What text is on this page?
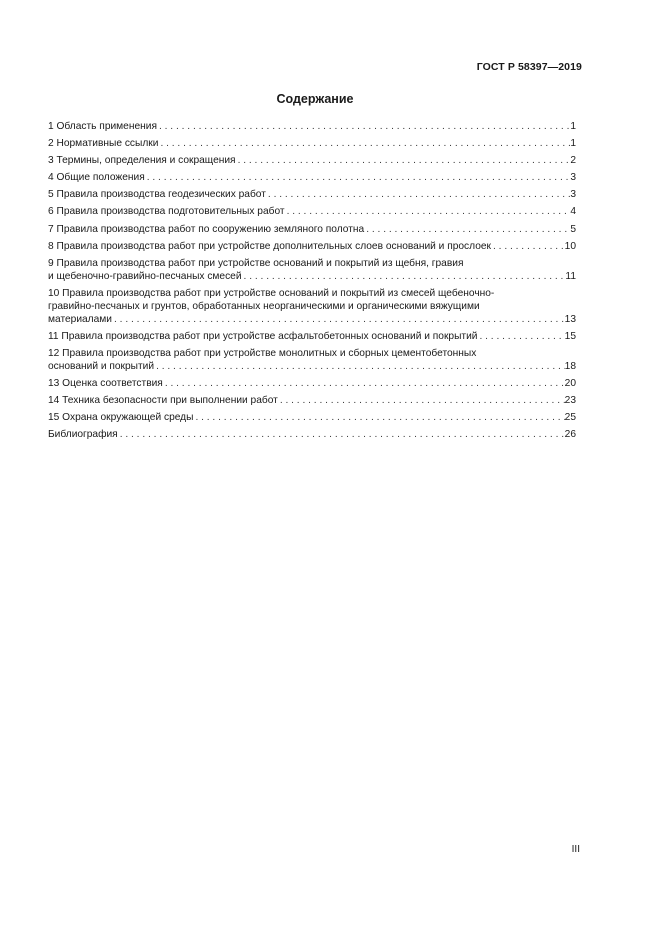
ГОСТ Р 58397—2019
Содержание
1 Область применения . . .	1
2 Нормативные ссылки . . .	1
3 Термины, определения и сокращения . . .	2
4 Общие положения . . .	3
5 Правила производства геодезических работ . . .	3
6 Правила производства подготовительных работ . . .	4
7 Правила производства работ по сооружению земляного полотна . . .	5
8 Правила производства работ при устройстве дополнительных слоев оснований и прослоек . . .	10
9 Правила производства работ при устройстве оснований и покрытий из щебня, гравия
и щебеночно-гравийно-песчаных смесей . . .	11
10 Правила производства работ при устройстве оснований и покрытий из смесей щебеночно-
гравийно-песчаных и грунтов, обработанных неорганическими и органическими вяжущими
материалами . . .	13
11 Правила производства работ при устройстве асфальтобетонных оснований и покрытий . . .	15
12 Правила производства работ при устройстве монолитных и сборных цементобетонных
оснований и покрытий . . .	18
13 Оценка соответствия . . .	20
14 Техника безопасности при выполнении работ . . .	23
15 Охрана окружающей среды . . .	25
Библиография . . .	26
III
